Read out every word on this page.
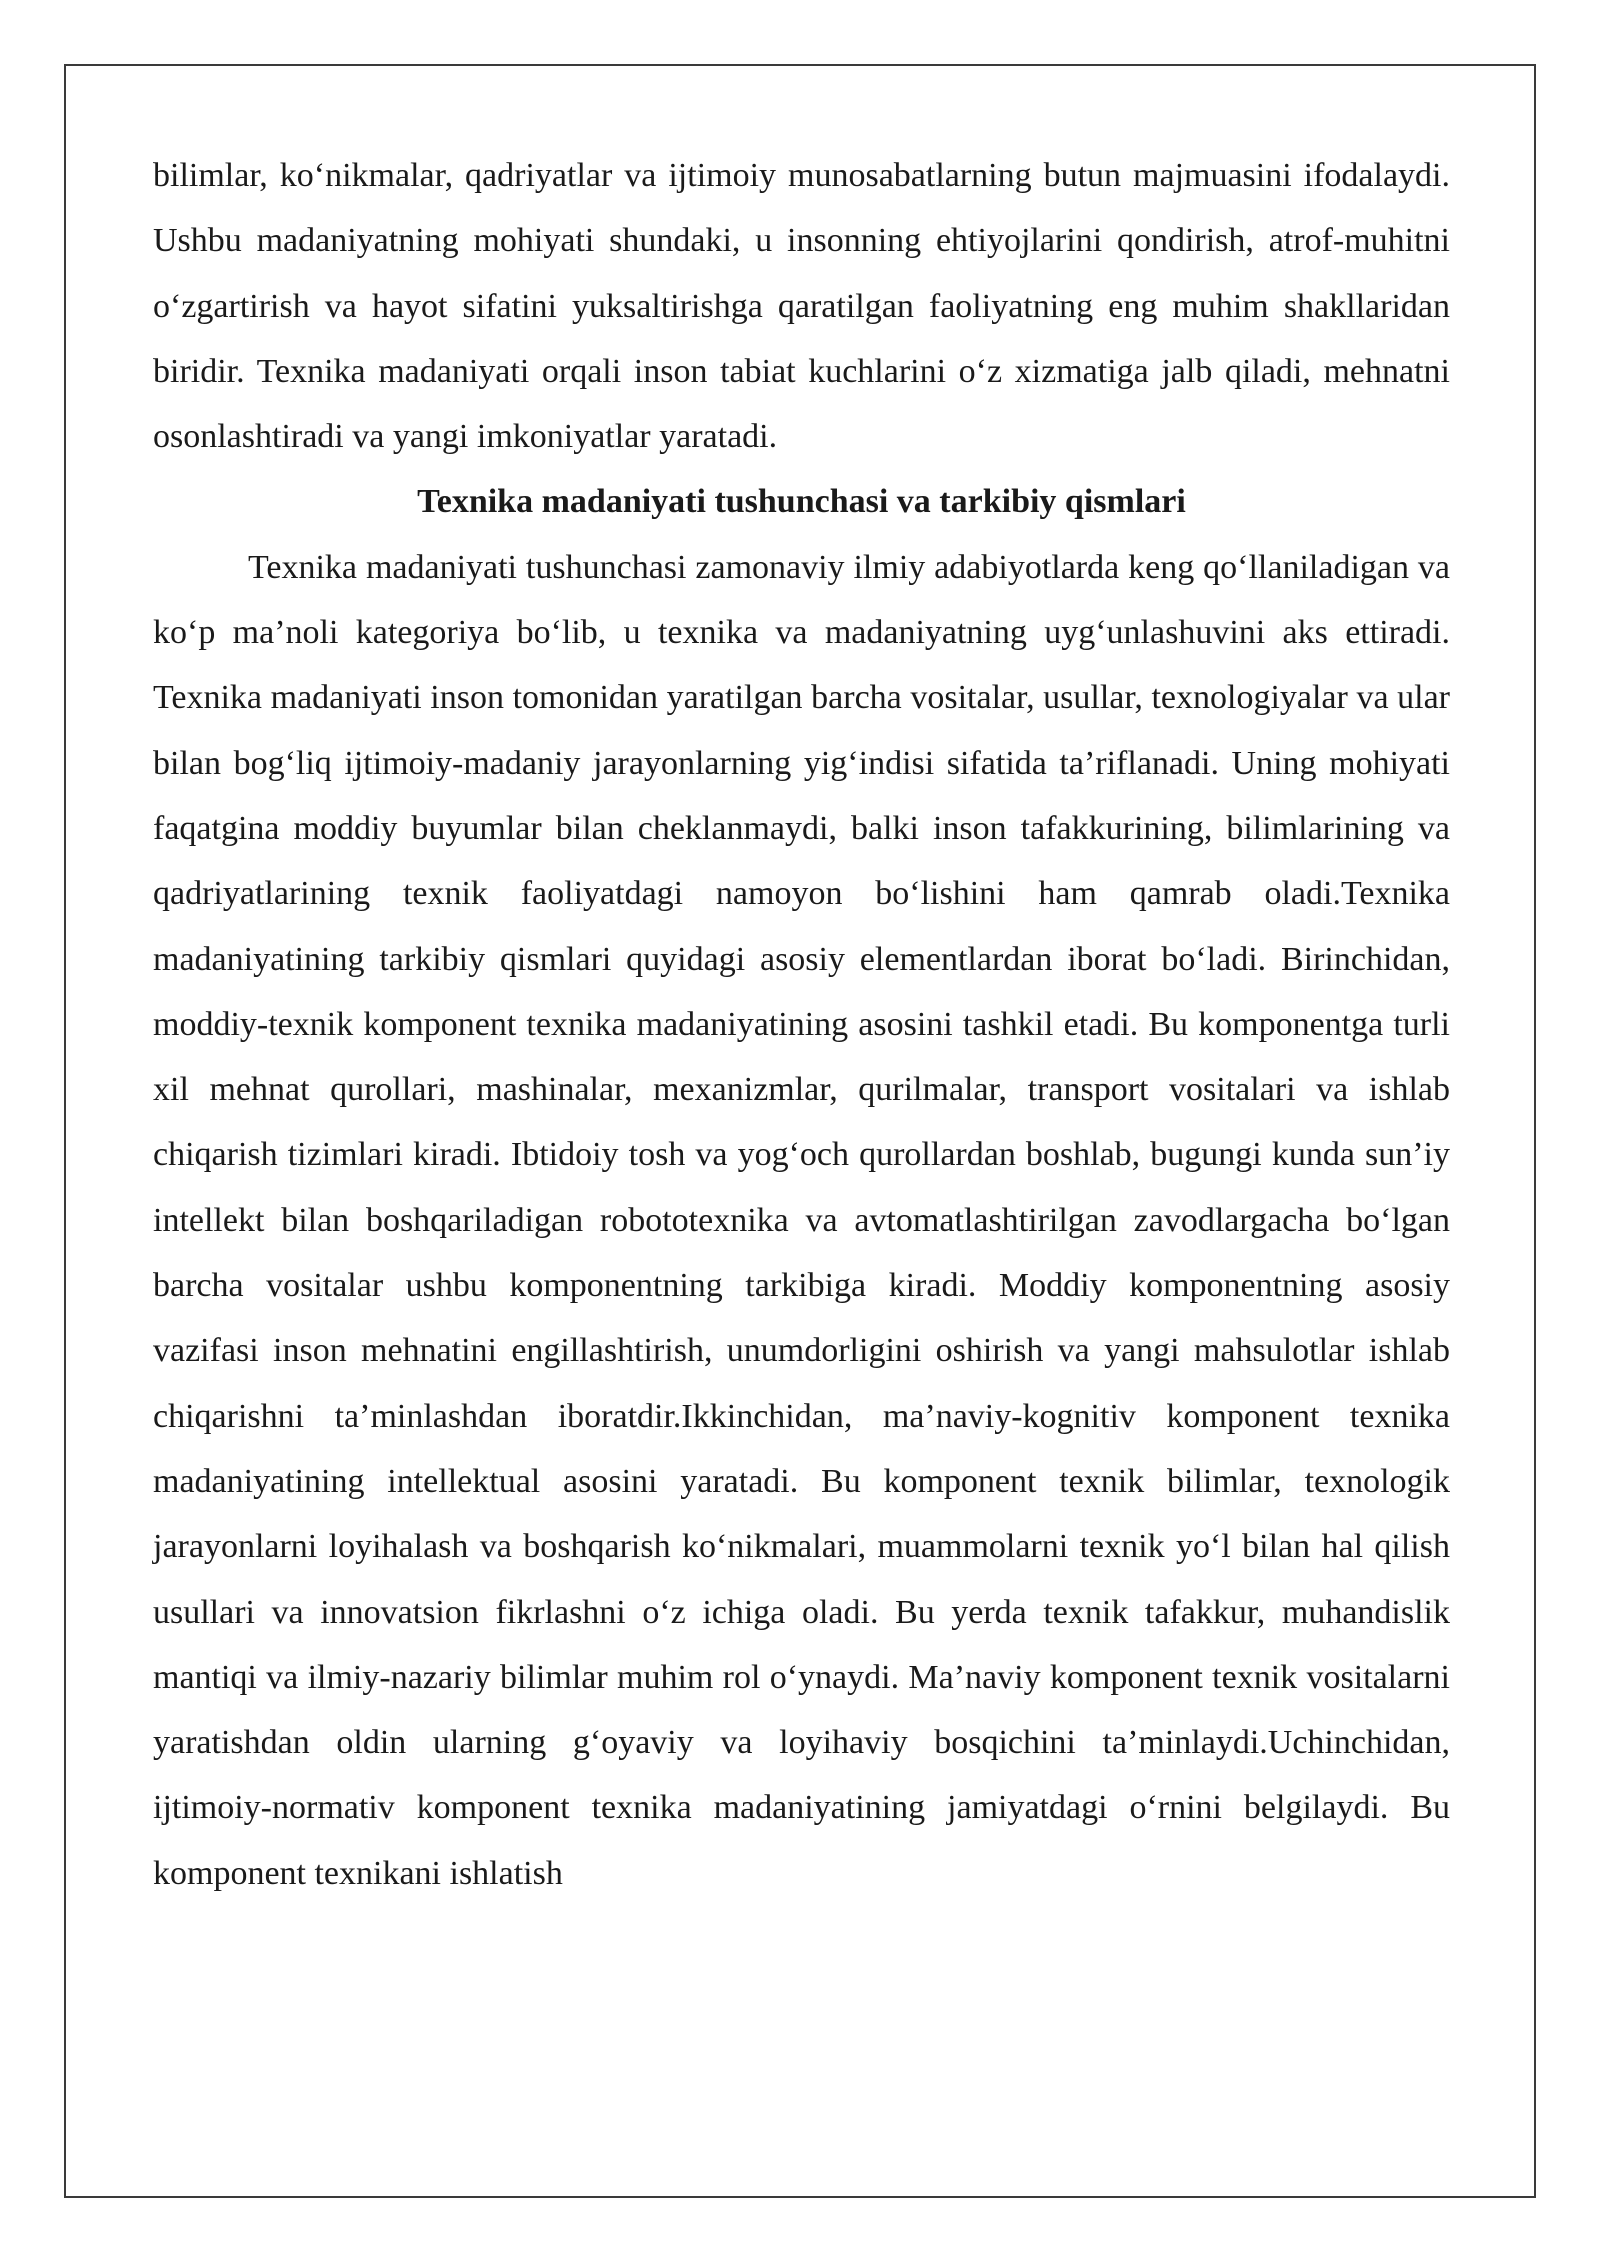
bilimlar, ko‘nikmalar, qadriyatlar va ijtimoiy munosabatlarning butun majmuasini ifodalaydi. Ushbu madaniyatning mohiyati shundaki, u insonning ehtiyojlarini qondirish, atrof-muhitni o‘zgartirish va hayot sifatini yuksaltirishga qaratilgan faoliyatning eng muhim shakllaridan biridir. Texnika madaniyati orqali inson tabiat kuchlarini o‘z xizmatiga jalb qiladi, mehnatni osonlashtiradi va yangi imkoniyatlar yaratadi.

Texnika madaniyati tushunchasi va tarkibiy qismlari

Texnika madaniyati tushunchasi zamonaviy ilmiy adabiyotlarda keng qo‘llaniladigan va ko‘p ma’noli kategoriya bo‘lib, u texnika va madaniyatning uyg‘unlashuvini aks ettiradi. Texnika madaniyati inson tomonidan yaratilgan barcha vositalar, usullar, texnologiyalar va ular bilan bog‘liq ijtimoiy-madaniy jarayonlarning yig‘indisi sifatida ta’riflanadi. Uning mohiyati faqatgina moddiy buyumlar bilan cheklanmaydi, balki inson tafakkurining, bilimlarining va qadriyatlarining texnik faoliyatdagi namoyon bo‘lishini ham qamrab oladi.Texnika madaniyatining tarkibiy qismlari quyidagi asosiy elementlardan iborat bo‘ladi. Birinchidan, moddiy-texnik komponent texnika madaniyatining asosini tashkil etadi. Bu komponentga turli xil mehnat qurollari, mashinalar, mexanizmlar, qurilmalar, transport vositalari va ishlab chiqarish tizimlari kiradi. Ibtidoiy tosh va yog‘och qurollardan boshlab, bugungi kunda sun’iy intellekt bilan boshqariladigan robototexnika va avtomatlashtirilgan zavodlargacha bo‘lgan barcha vositalar ushbu komponentning tarkibiga kiradi. Moddiy komponentning asosiy vazifasi inson mehnatini engillashtirish, unumdorligini oshirish va yangi mahsulotlar ishlab chiqarishni ta’minlashdan iboratdir.Ikkinchidan, ma’naviy-kognitiv komponent texnika madaniyatining intellektual asosini yaratadi. Bu komponent texnik bilimlar, texnologik jarayonlarni loyihalash va boshqarish ko‘nikmalari, muammolarni texnik yo‘l bilan hal qilish usullari va innovatsion fikrlashni o‘z ichiga oladi. Bu yerda texnik tafakkur, muhandislik mantiqi va ilmiy-nazariy bilimlar muhim rol o‘ynaydi. Ma’naviy komponent texnik vositalarni yaratishdan oldin ularning g‘oyaviy va loyihaviy bosqichini ta’minlaydi.Uchinchidan, ijtimoiy-normativ komponent texnika madaniyatining jamiyatdagi o‘rnini belgilaydi. Bu komponent texnikani ishlatish
